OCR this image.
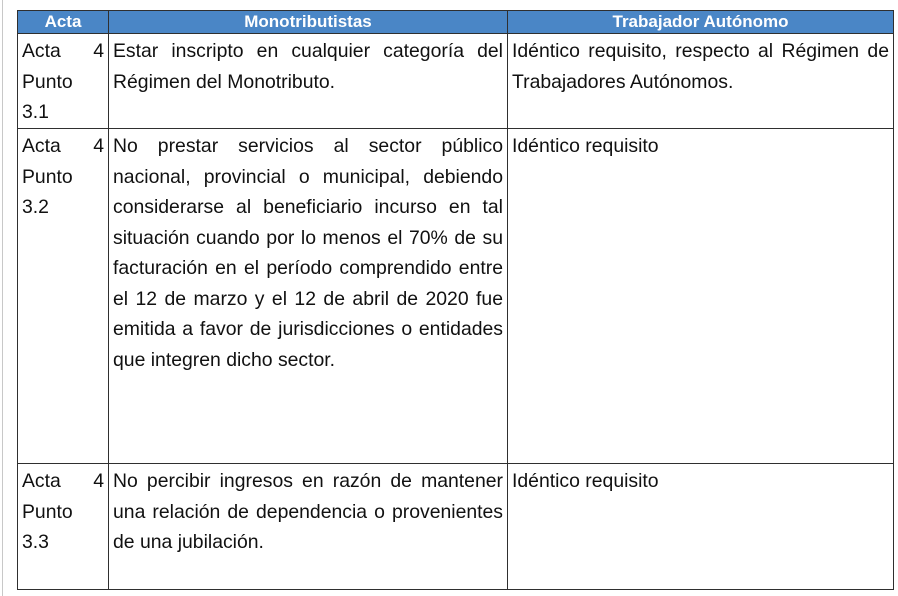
Acta	Monotributistas	Trabajador Autónomo

Acta 4 Punto 3.1	Estar inscripto en cualquier categoría del Régimen del Monotributo.	Idéntico requisito, respecto al Régimen de Trabajadores Autónomos.

Acta 4 Punto 3.2	No prestar servicios al sector público nacional, provincial o municipal, debiendo considerarse al beneficiario incurso en tal situación cuando por lo menos el 70% de su facturación en el período comprendido entre el 12 de marzo y el 12 de abril de 2020 fue emitida a favor de jurisdicciones o entidades que integren dicho sector.	Idéntico requisito

Acta 4 Punto 3.3	No percibir ingresos en razón de mantener una relación de dependencia o provenientes de una jubilación.	Idéntico requisito
